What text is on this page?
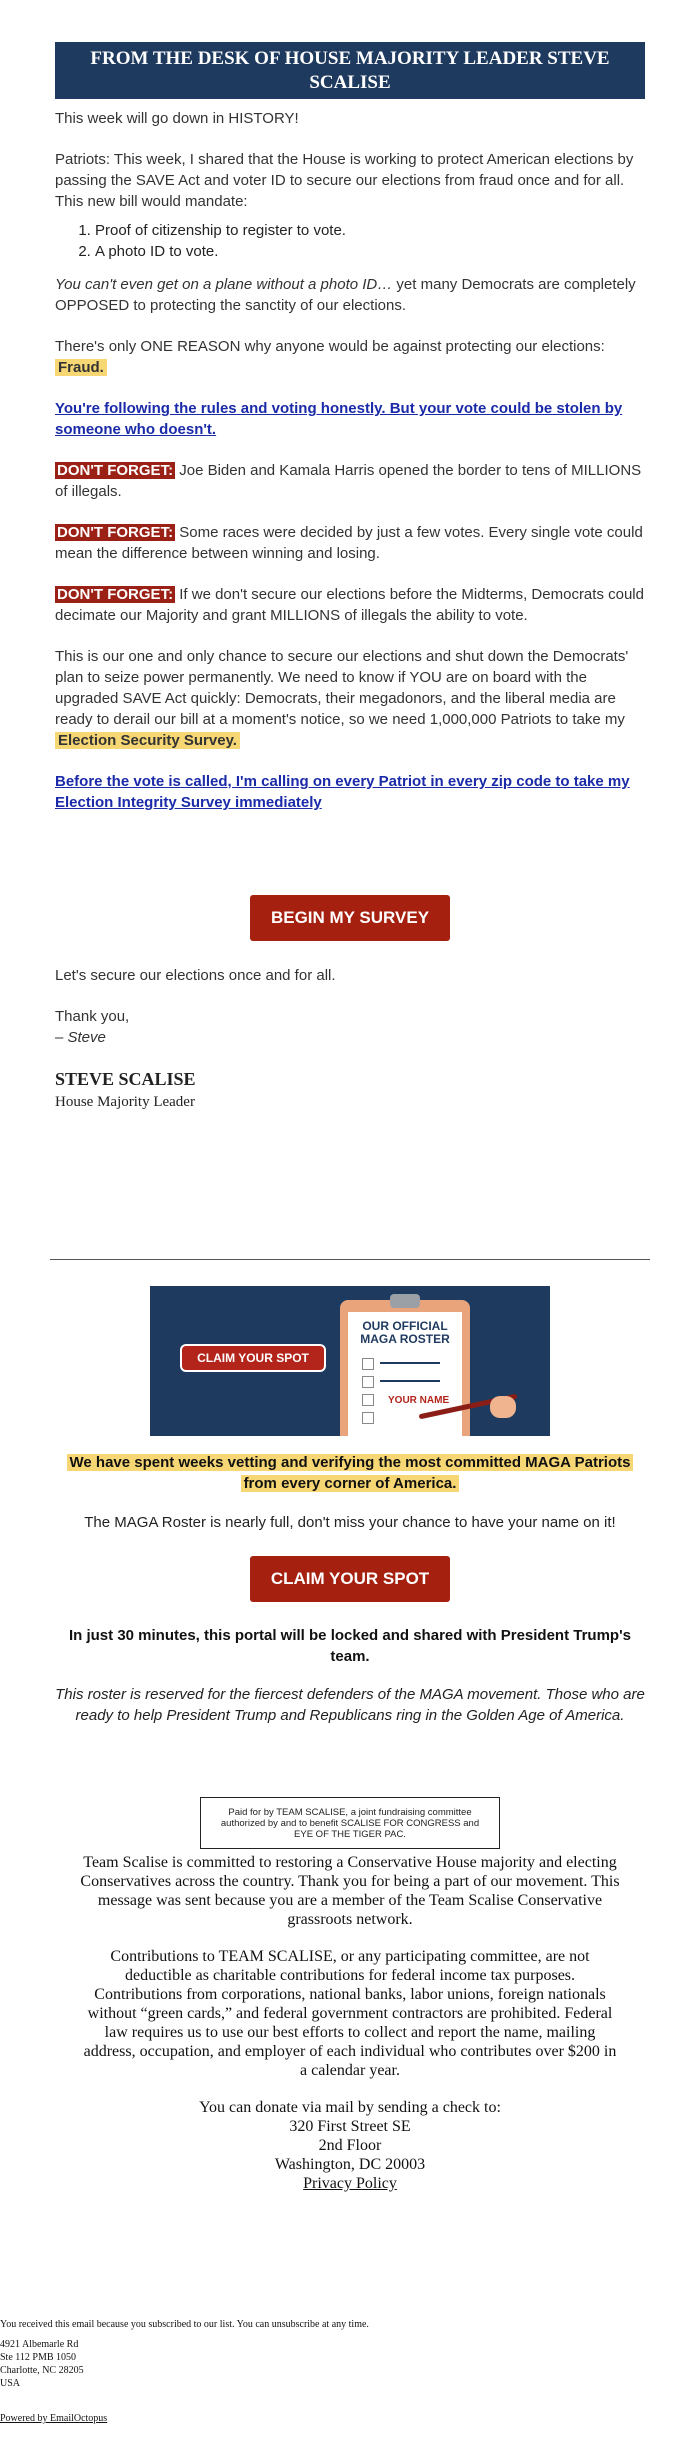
FROM THE DESK OF HOUSE MAJORITY LEADER STEVE SCALISE

This week will go down in HISTORY!

Patriots: This week, I shared that the House is working to protect American elections by passing the SAVE Act and voter ID to secure our elections from fraud once and for all. This new bill would mandate:

1. Proof of citizenship to register to vote.
2. A photo ID to vote.

You can't even get on a plane without a photo ID… yet many Democrats are completely OPPOSED to protecting the sanctity of our elections.

There's only ONE REASON why anyone would be against protecting our elections: Fraud.

You're following the rules and voting honestly. But your vote could be stolen by someone who doesn't.

DON'T FORGET: Joe Biden and Kamala Harris opened the border to tens of MILLIONS of illegals.

DON'T FORGET: Some races were decided by just a few votes. Every single vote could mean the difference between winning and losing.

DON'T FORGET: If we don't secure our elections before the Midterms, Democrats could decimate our Majority and grant MILLIONS of illegals the ability to vote.

This is our one and only chance to secure our elections and shut down the Democrats' plan to seize power permanently. We need to know if YOU are on board with the upgraded SAVE Act quickly: Democrats, their megadonors, and the liberal media are ready to derail our bill at a moment's notice, so we need 1,000,000 Patriots to take my Election Security Survey.

Before the vote is called, I'm calling on every Patriot in every zip code to take my Election Integrity Survey immediately

BEGIN MY SURVEY

Let's secure our elections once and for all.

Thank you,

– Steve

STEVE SCALISE

House Majority Leader

CLAIM YOUR SPOT
OUR OFFICIAL
MAGA ROSTER
YOUR NAME
We have spent weeks vetting and verifying the most committed MAGA Patriots from every corner of America.

The MAGA Roster is nearly full, don't miss your chance to have your name on it!

CLAIM YOUR SPOT

In just 30 minutes, this portal will be locked and shared with President Trump's team.

This roster is reserved for the fiercest defenders of the MAGA movement. Those who are ready to help President Trump and Republicans ring in the Golden Age of America.

Paid for by TEAM SCALISE, a joint fundraising committee authorized by and to benefit SCALISE FOR CONGRESS and EYE OF THE TIGER PAC.

Team Scalise is committed to restoring a Conservative House majority and electing Conservatives across the country. Thank you for being a part of our movement. This message was sent because you are a member of the Team Scalise Conservative grassroots network.

Contributions to TEAM SCALISE, or any participating committee, are not deductible as charitable contributions for federal income tax purposes. Contributions from corporations, national banks, labor unions, foreign nationals without “green cards,” and federal government contractors are prohibited. Federal law requires us to use our best efforts to collect and report the name, mailing address, occupation, and employer of each individual who contributes over $200 in a calendar year.

You can donate via mail by sending a check to:
320 First Street SE
2nd Floor
Washington, DC 20003
Privacy Policy

You received this email because you subscribed to our list. You can unsubscribe at any time.

4921 Albemarle Rd
Ste 112 PMB 1050
Charlotte, NC 28205
USA
Powered by EmailOctopus
